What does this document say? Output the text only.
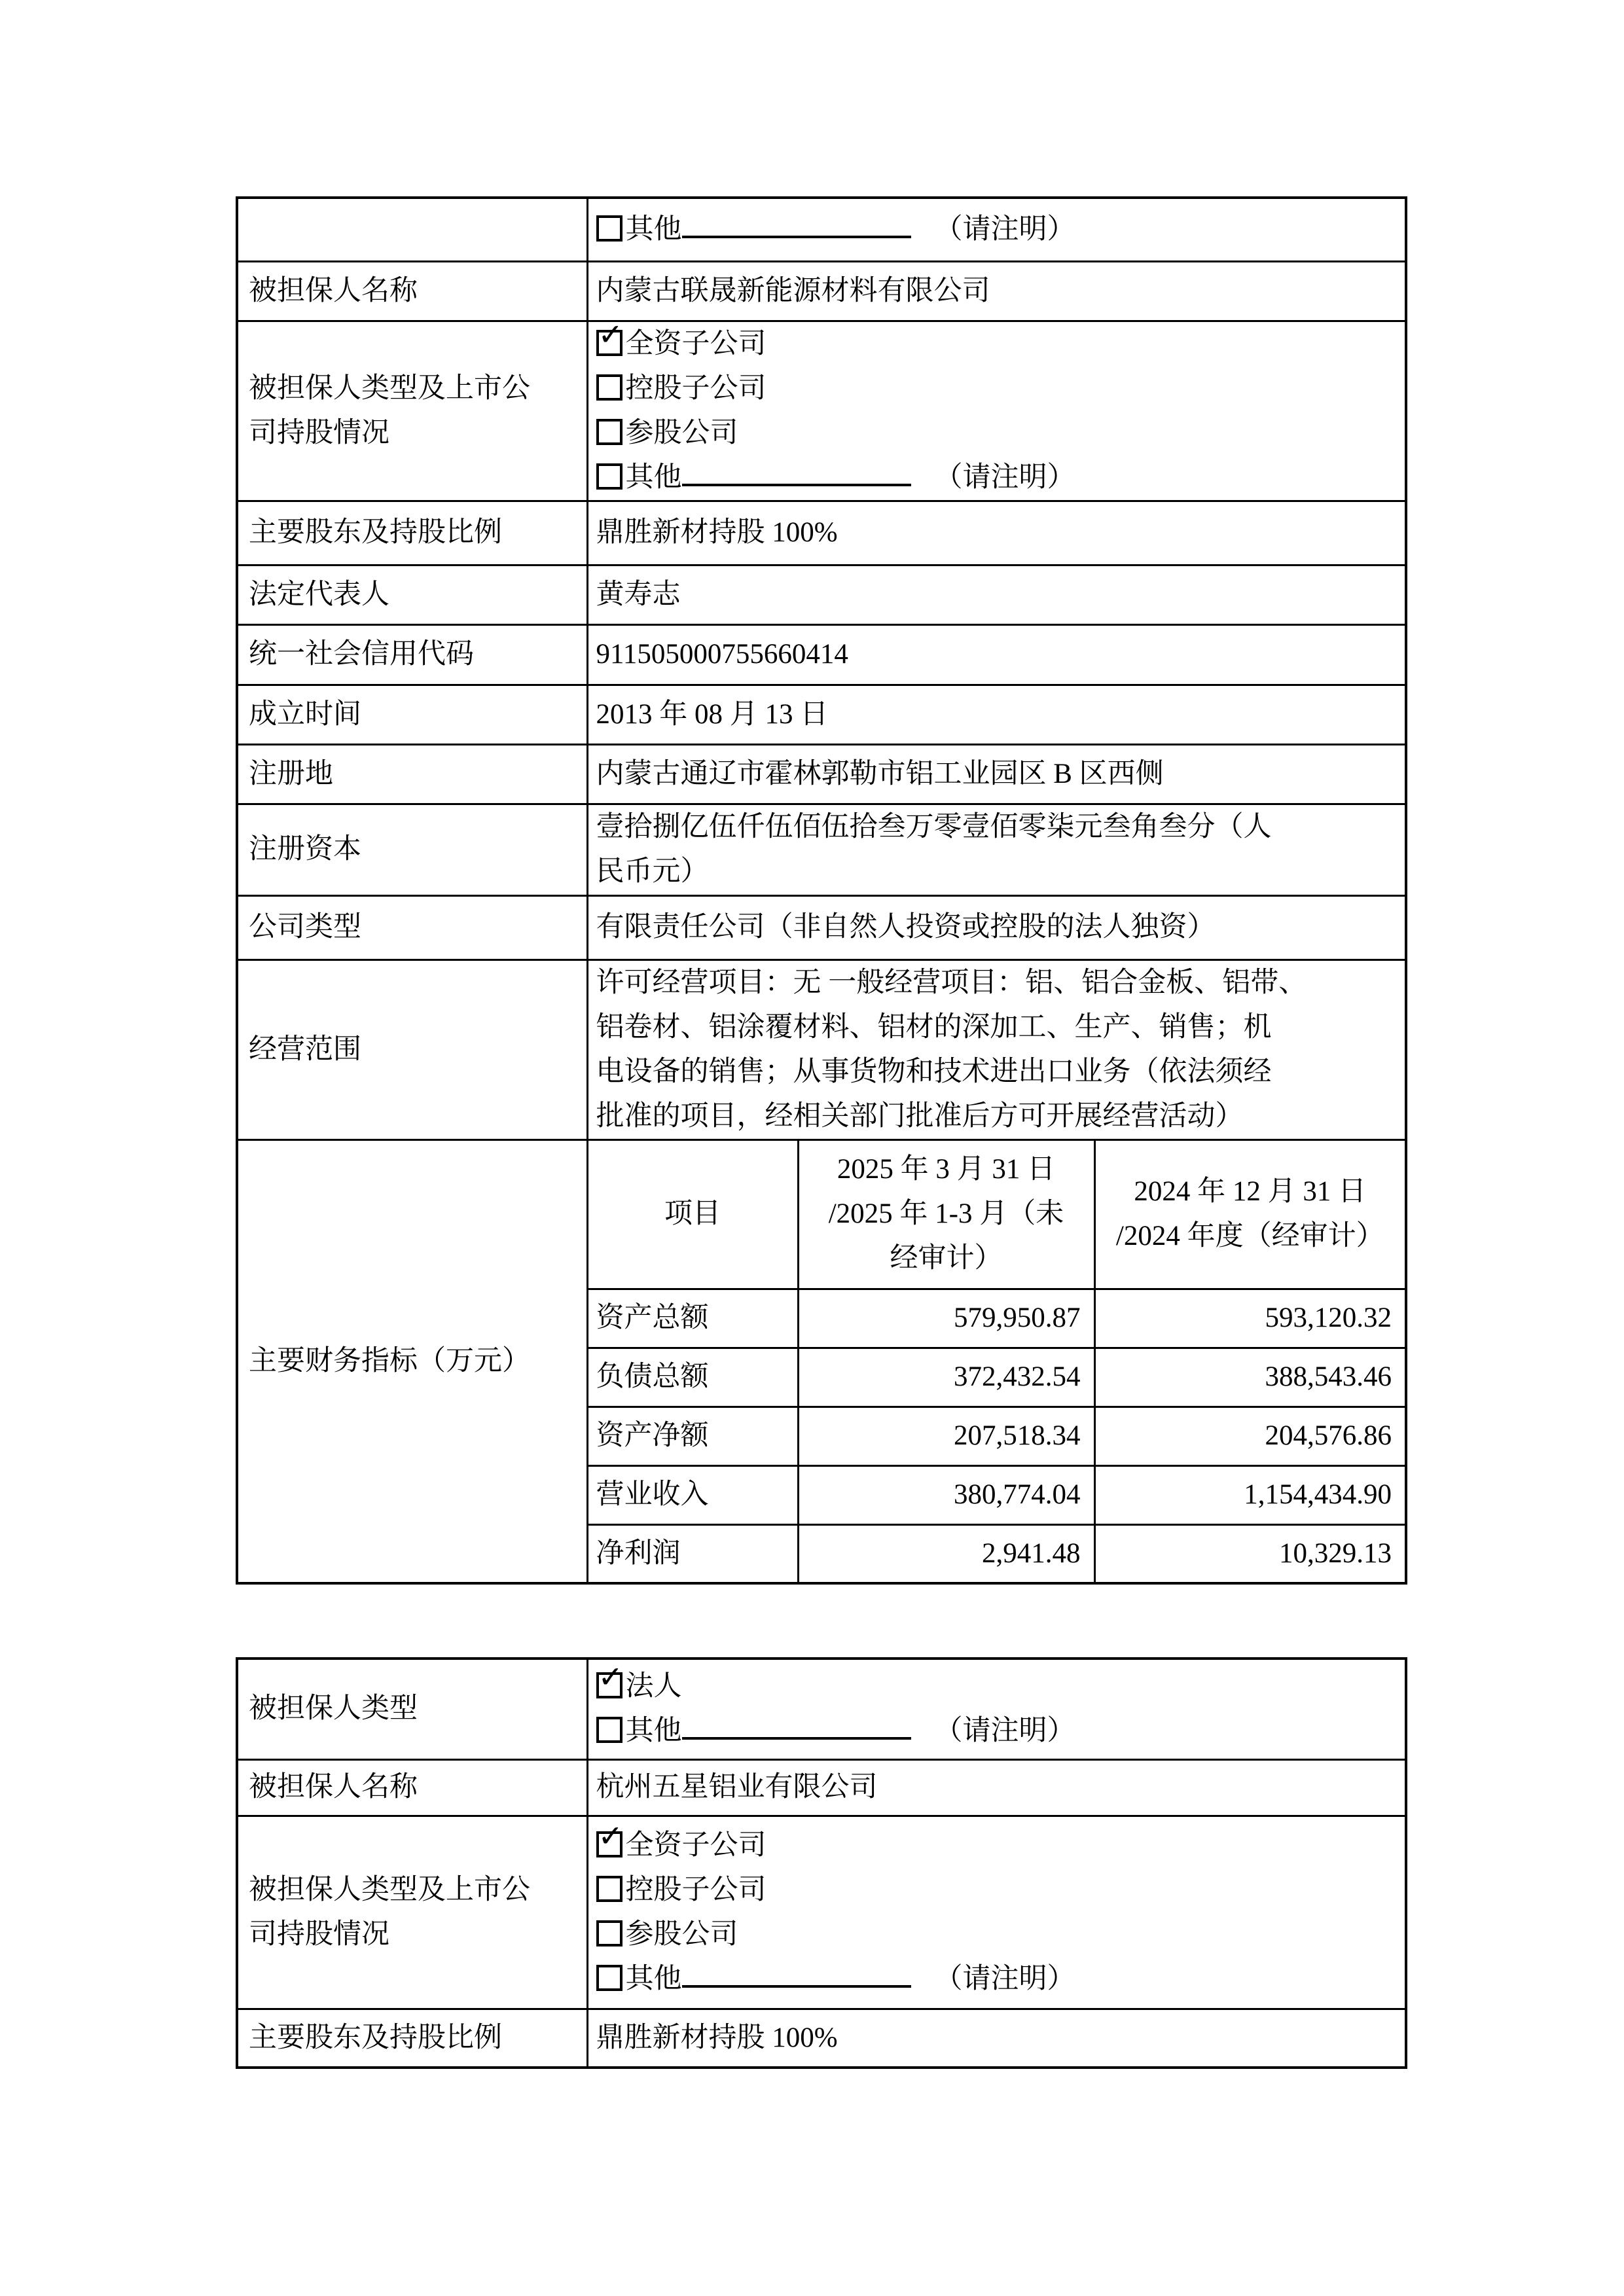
	其他 （请注明）		

被担保人名称	内蒙古联晟新能源材料有限公司		

被担保人类型及上市公
司持股情况	✓ 全资子公司
控股子公司
参股公司
其他 （请注明）		

主要股东及持股比例	鼎胜新材持股 100%		
法定代表人	黄寿志		
统一社会信用代码	911505000755660414		
成立时间	2013 年 08 月 13 日		
注册地	内蒙古通辽市霍林郭勒市铝工业园区 B 区西侧		
注册资本	壹拾捌亿伍仟伍佰伍拾叁万零壹佰零柒元叁角叁分（人
民币元）		

公司类型	有限责任公司（非自然人投资或控股的法人独资）		
经营范围	许可经营项目：无 一般经营项目：铝、铝合金板、铝带、
铝卷材、铝涂覆材料、铝材的深加工、生产、销售；机
电设备的销售；从事货物和技术进出口业务（依法须经
批准的项目，经相关部门批准后方可开展经营活动）		

主要财务指标（万元）	项目	2025 年 3 月 31 日
/2025 年 1-3 月（未
经审计）	2024 年 12 月 31 日
/2024 年度（经审计）

	资产总额	579,950.87	593,120.32
	负债总额	372,432.54	388,543.46
	资产净额	207,518.34	204,576.86
	营业收入	380,774.04	1,154,434.90
	净利润	2,941.48	10,329.13
被担保人类型	✓ 法人
其他 （请注明）

被担保人名称	杭州五星铝业有限公司

被担保人类型及上市公
司持股情况	✓ 全资子公司
控股子公司
参股公司
其他 （请注明）

主要股东及持股比例	鼎胜新材持股 100%
